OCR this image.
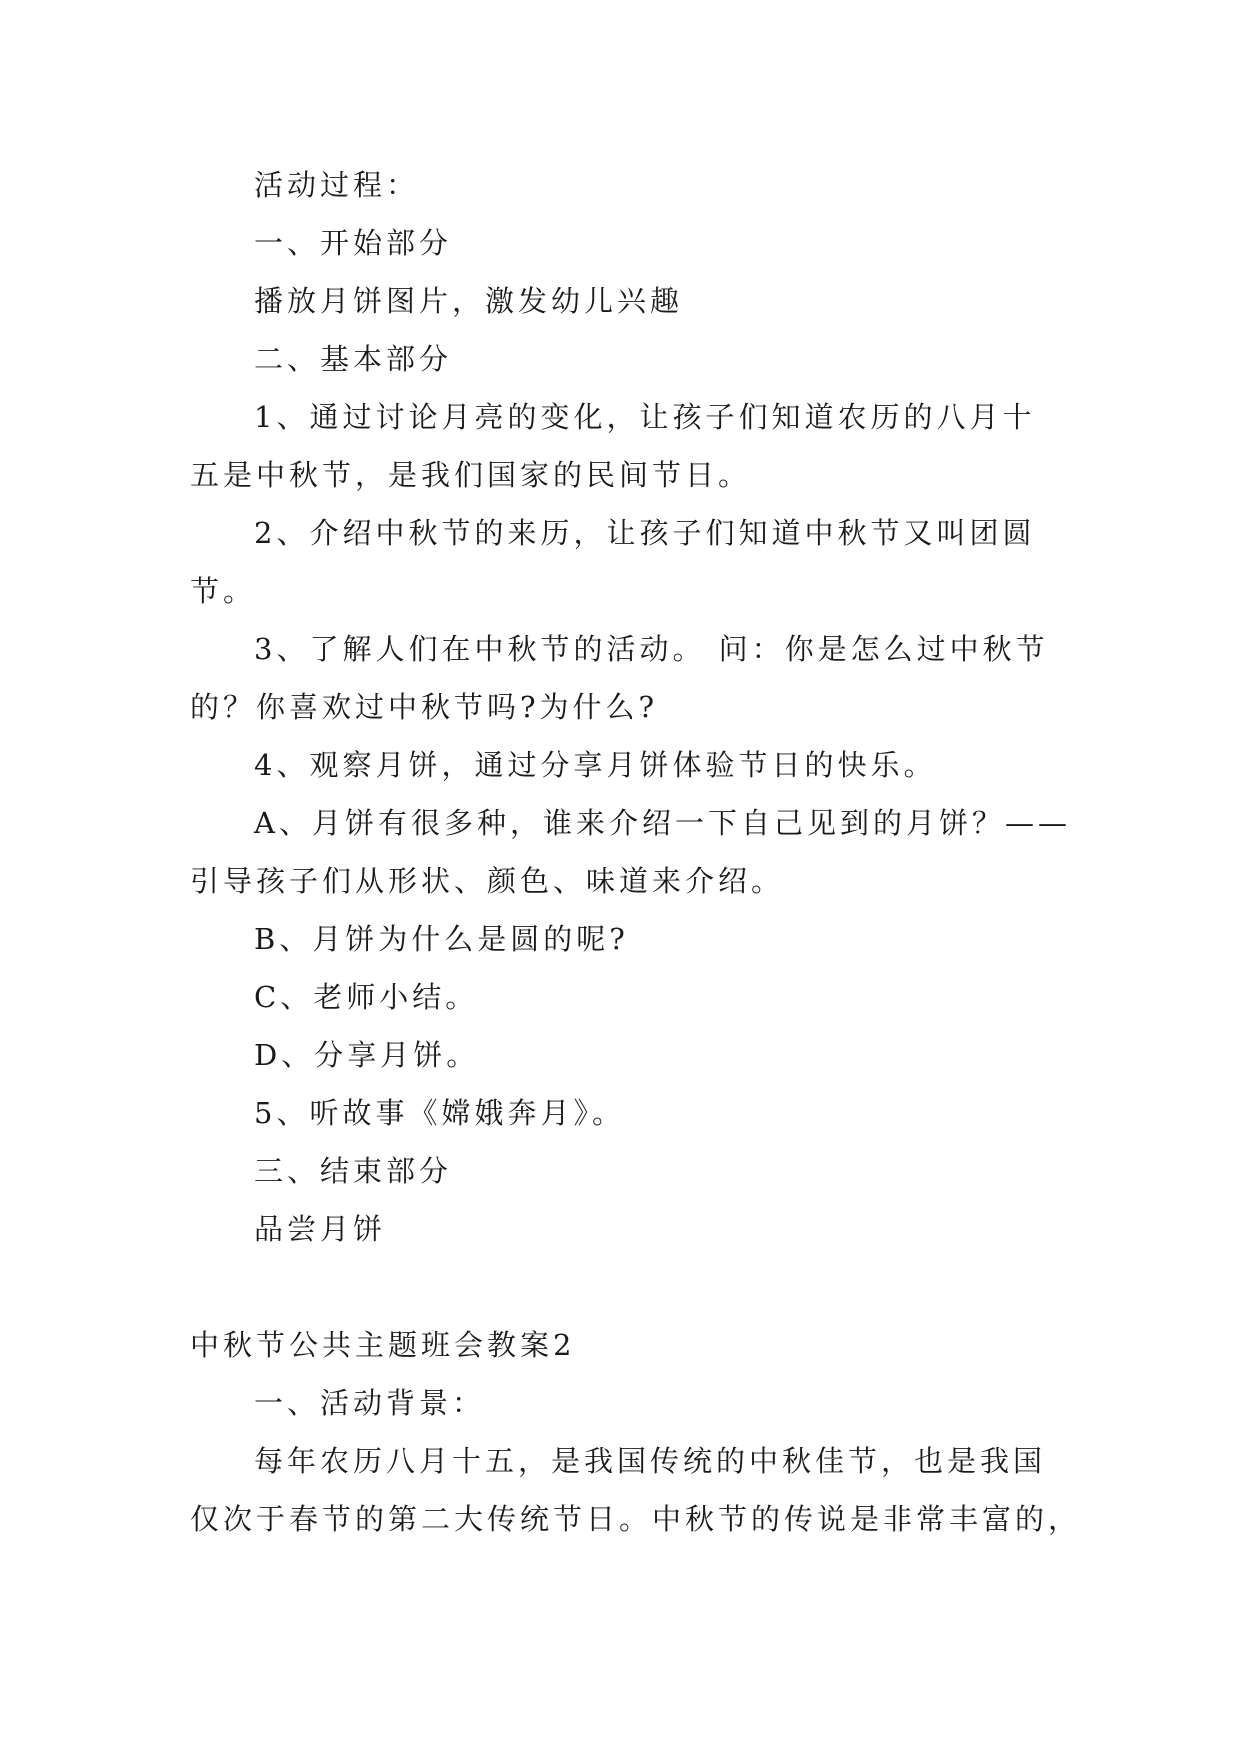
活动过程：
一、开始部分
播放月饼图片，激发幼儿兴趣
二、基本部分
1、通过讨论月亮的变化，让孩子们知道农历的八月十
五是中秋节，是我们国家的民间节日。
2、介绍中秋节的来历，让孩子们知道中秋节又叫团圆
节。
3、了解人们在中秋节的活动。 问：你是怎么过中秋节
的？你喜欢过中秋节吗?为什么?
4、观察月饼，通过分享月饼体验节日的快乐。
A、月饼有很多种，谁来介绍一下自己见到的月饼？——
引导孩子们从形状、颜色、味道来介绍。
B、月饼为什么是圆的呢?
C、老师小结。
D、分享月饼。
5、听故事《嫦娥奔月》。
三、结束部分
品尝月饼
中秋节公共主题班会教案2
一、活动背景：
每年农历八月十五，是我国传统的中秋佳节，也是我国
仅次于春节的第二大传统节日。中秋节的传说是非常丰富的，
